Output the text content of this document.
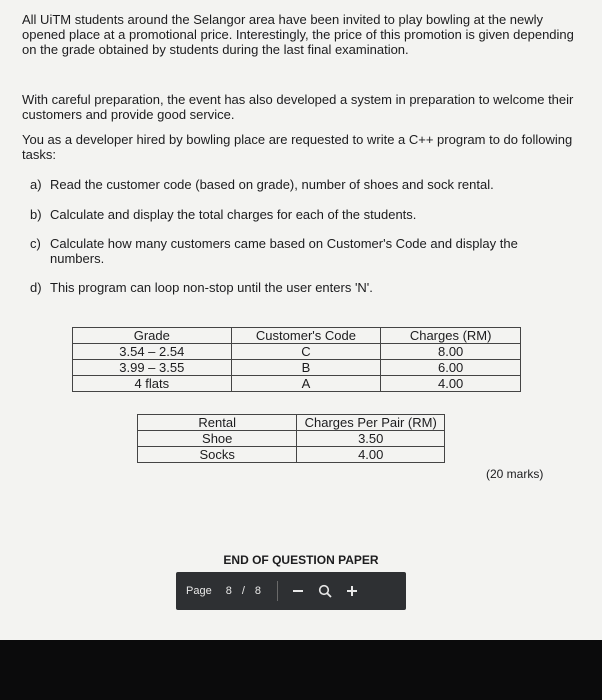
All UiTM students around the Selangor area have been invited to play bowling at the newly opened place at a promotional price. Interestingly, the price of this promotion is given depending on the grade obtained by students during the last final examination.

With careful preparation, the event has also developed a system in preparation to welcome their customers and provide good service.

You as a developer hired by bowling place are requested to write a C++ program to do following tasks:

a) Read the customer code (based on grade), number of shoes and sock rental.
b) Calculate and display the total charges for each of the students.
c) Calculate how many customers came based on Customer's Code and display the numbers.
d) This program can loop non-stop until the user enters 'N'.
Grade	Customer's Code	Charges (RM)
3.54 – 2.54	C	8.00
3.99 – 3.55	B	6.00
4 flats	A	4.00
Rental	Charges Per Pair (RM)
Shoe	3.50
Socks	4.00
(20 marks)
END OF QUESTION PAPER
Page 8 / 8
